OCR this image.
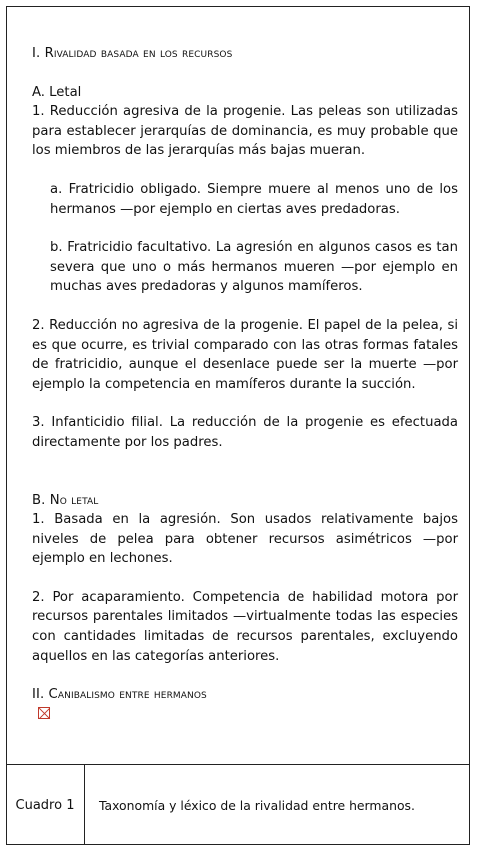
I. Rivalidad basada en los recursos

A. Letal

1. Reducción agresiva de la progenie. Las peleas son utilizadas para establecer jerarquías de dominancia, es muy probable que los miembros de las jerarquías más bajas mueran.

a. Fratricidio obligado. Siempre muere al menos uno de los hermanos —por ejemplo en ciertas aves predadoras.

b. Fratricidio facultativo. La agresión en algunos casos es tan severa que uno o más hermanos mueren —por ejemplo en muchas aves predadoras y algunos mamíferos.

2. Reducción no agresiva de la progenie. El papel de la pelea, si es que ocurre, es trivial comparado con las otras formas fatales de fratricidio, aunque el desenlace puede ser la muerte —por ejemplo la competencia en mamíferos durante la succión.

3. Infanticidio filial. La reducción de la progenie es efectuada directamente por los padres.

B. No letal

1. Basada en la agresión. Son usados relativamente bajos niveles de pelea para obtener recursos asimétricos —por ejemplo en lechones.

2. Por acaparamiento. Competencia de habilidad motora por recursos parentales limitados —virtualmente todas las especies con cantidades limitadas de recursos parentales, excluyendo aquellos en las categorías anteriores.

II. Canibalismo entre hermanos

Cuadro 1	Taxonomía y léxico de la rivalidad entre hermanos.
